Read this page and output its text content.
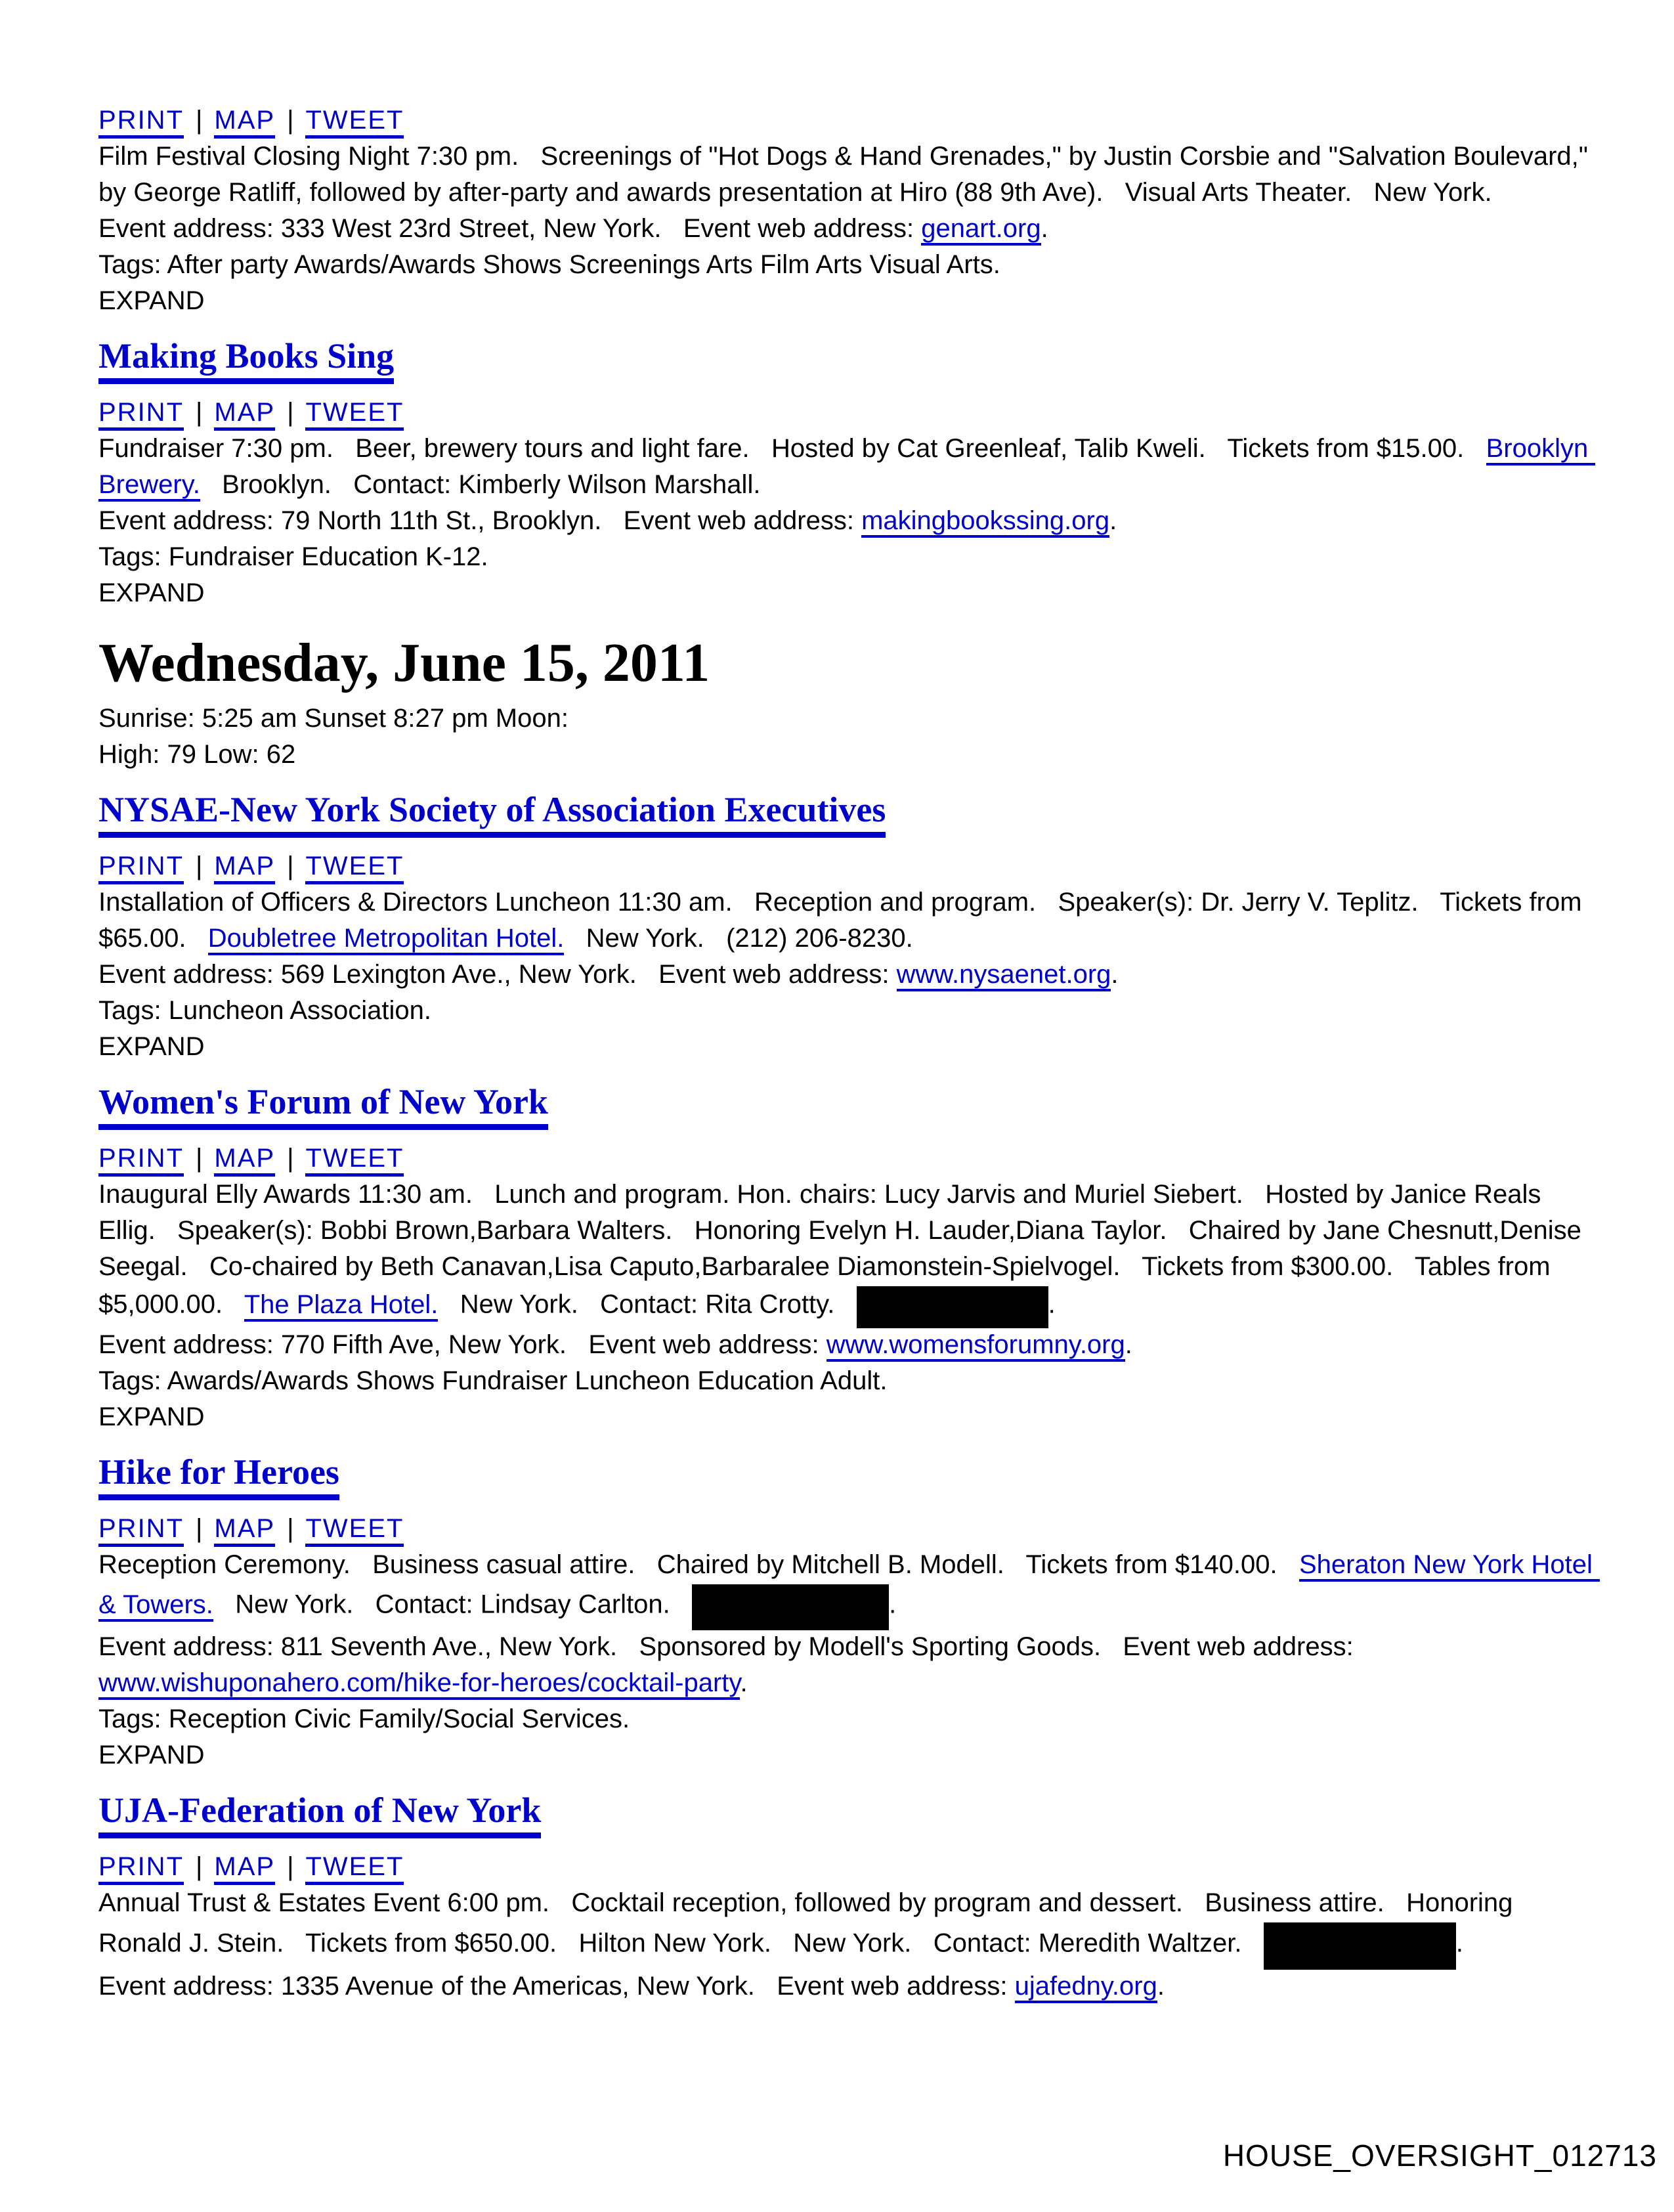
PRINT | MAP | TWEET
Film Festival Closing Night 7:30 pm.   Screenings of "Hot Dogs & Hand Grenades," by Justin Corsbie and "Salvation Boulevard," by George Ratliff, followed by after-party and awards presentation at Hiro (88 9th Ave).   Visual Arts Theater.   New York.
Event address: 333 West 23rd Street, New York.   Event web address: genart.org.
Tags: After party Awards/Awards Shows Screenings Arts Film Arts Visual Arts.
EXPAND
Making Books Sing
PRINT | MAP | TWEET
Fundraiser 7:30 pm.   Beer, brewery tours and light fare.   Hosted by Cat Greenleaf, Talib Kweli.   Tickets from $15.00.   Brooklyn Brewery.   Brooklyn.   Contact: Kimberly Wilson Marshall.
Event address: 79 North 11th St., Brooklyn.   Event web address: makingbookssing.org.
Tags: Fundraiser Education K-12.
EXPAND
Wednesday, June 15, 2011
Sunrise: 5:25 am Sunset 8:27 pm Moon:
High: 79 Low: 62
NYSAE-New York Society of Association Executives
PRINT | MAP | TWEET
Installation of Officers & Directors Luncheon 11:30 am.   Reception and program.   Speaker(s): Dr. Jerry V. Teplitz.   Tickets from $65.00.   Doubletree Metropolitan Hotel.   New York.   (212) 206-8230.
Event address: 569 Lexington Ave., New York.   Event web address: www.nysaenet.org.
Tags: Luncheon Association.
EXPAND
Women's Forum of New York
PRINT | MAP | TWEET
Inaugural Elly Awards 11:30 am.   Lunch and program. Hon. chairs: Lucy Jarvis and Muriel Siebert.   Hosted by Janice Reals Ellig.   Speaker(s): Bobbi Brown,Barbara Walters.   Honoring Evelyn H. Lauder,Diana Taylor.   Chaired by Jane Chesnutt,Denise Seegal.   Co-chaired by Beth Canavan,Lisa Caputo,Barbaralee Diamonstein-Spielvogel.   Tickets from $300.00.   Tables from $5,000.00.   The Plaza Hotel.   New York.   Contact: Rita Crotty.	.
Event address: 770 Fifth Ave, New York.   Event web address: www.womensforumny.org.
Tags: Awards/Awards Shows Fundraiser Luncheon Education Adult.
EXPAND
Hike for Heroes
PRINT | MAP | TWEET
Reception Ceremony.   Business casual attire.   Chaired by Mitchell B. Modell.   Tickets from $140.00.   Sheraton New York Hotel & Towers.   New York.   Contact: Lindsay Carlton.	.
Event address: 811 Seventh Ave., New York.   Sponsored by Modell's Sporting Goods.   Event web address: www.wishuponahero.com/hike-for-heroes/cocktail-party.
Tags: Reception Civic Family/Social Services.
EXPAND
UJA-Federation of New York
PRINT | MAP | TWEET
Annual Trust & Estates Event 6:00 pm.   Cocktail reception, followed by program and dessert.   Business attire.   Honoring Ronald J. Stein.   Tickets from $650.00.   Hilton New York.   New York.   Contact: Meredith Waltzer.	.
Event address: 1335 Avenue of the Americas, New York.   Event web address: ujafedny.org.
HOUSE_OVERSIGHT_012713
